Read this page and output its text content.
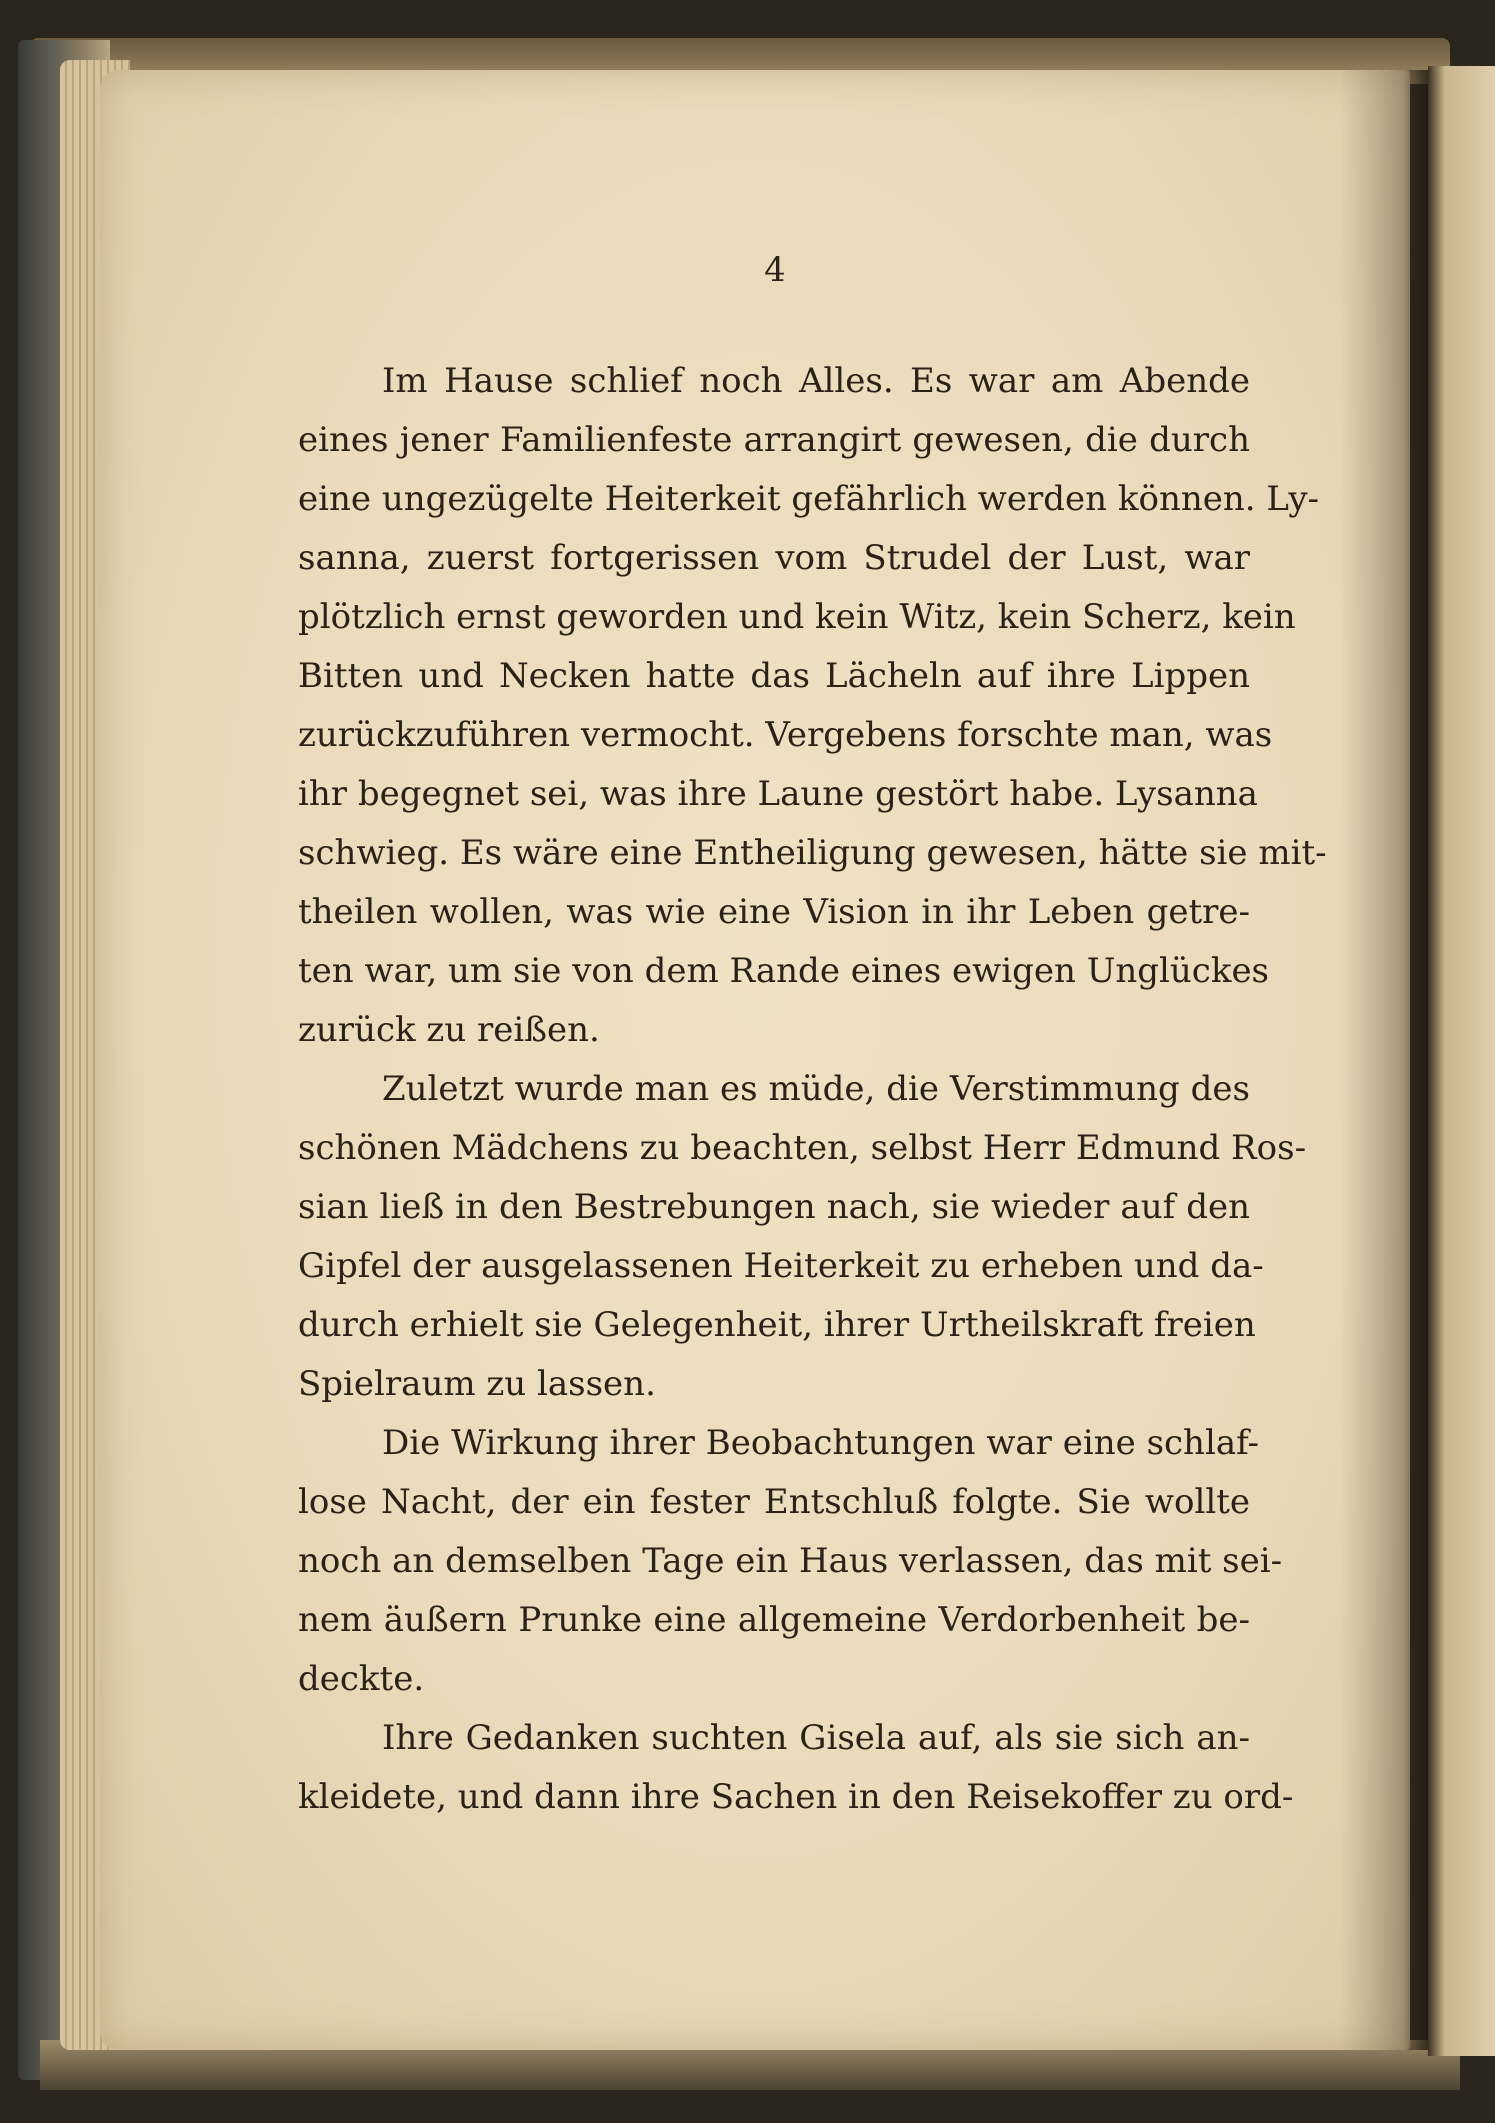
4
Im Hause schlief noch Alles. Es war am Abende
eines jener Familienfeste arrangirt gewesen, die durch
eine ungezügelte Heiterkeit gefährlich werden können. Ly-
sanna, zuerst fortgerissen vom Strudel der Lust, war
plötzlich ernst geworden und kein Witz, kein Scherz, kein
Bitten und Necken hatte das Lächeln auf ihre Lippen
zurückzuführen vermocht. Vergebens forschte man, was
ihr begegnet sei, was ihre Laune gestört habe. Lysanna
schwieg. Es wäre eine Entheiligung gewesen, hätte sie mit-
theilen wollen, was wie eine Vision in ihr Leben getre-
ten war, um sie von dem Rande eines ewigen Unglückes
zurück zu reißen.
Zuletzt wurde man es müde, die Verstimmung des
schönen Mädchens zu beachten, selbst Herr Edmund Ros-
sian ließ in den Bestrebungen nach, sie wieder auf den
Gipfel der ausgelassenen Heiterkeit zu erheben und da-
durch erhielt sie Gelegenheit, ihrer Urtheilskraft freien
Spielraum zu lassen.
Die Wirkung ihrer Beobachtungen war eine schlaf-
lose Nacht, der ein fester Entschluß folgte. Sie wollte
noch an demselben Tage ein Haus verlassen, das mit sei-
nem äußern Prunke eine allgemeine Verdorbenheit be-
deckte.
Ihre Gedanken suchten Gisela auf, als sie sich an-
kleidete, und dann ihre Sachen in den Reisekoffer zu ord-
